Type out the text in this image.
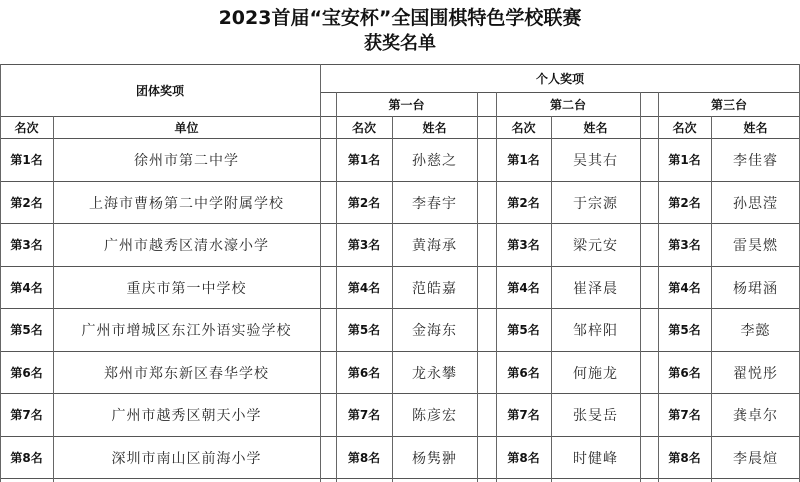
2023首届“宝安杯”全国围棋特色学校联赛
获奖名单
团体奖项
个人奖项
第一台
名次	姓名
第二台
名次	姓名
第三台
名次	姓名
名次	单位
第1名	徐州市第二中学	第1名	孙慈之	第1名	吴其右	第1名	李佳睿
第2名	上海市曹杨第二中学附属学校	第2名	李春宇	第2名	于宗源	第2名	孙思滢
第3名	广州市越秀区清水濠小学	第3名	黄海承	第3名	梁元安	第3名	雷昊燃
第4名	重庆市第一中学校	第4名	范皓嘉	第4名	崔泽晨	第4名	杨珺涵
第5名	广州市增城区东江外语实验学校	第5名	金海东	第5名	邹梓阳	第5名	李懿
第6名	郑州市郑东新区春华学校	第6名	龙永攀	第6名	何施龙	第6名	翟悦彤
第7名	广州市越秀区朝天小学	第7名	陈彦宏	第7名	张旻岳	第7名	龚卓尔
第8名	深圳市南山区前海小学	第8名	杨隽翀	第8名	时健峰	第8名	李晨煊
